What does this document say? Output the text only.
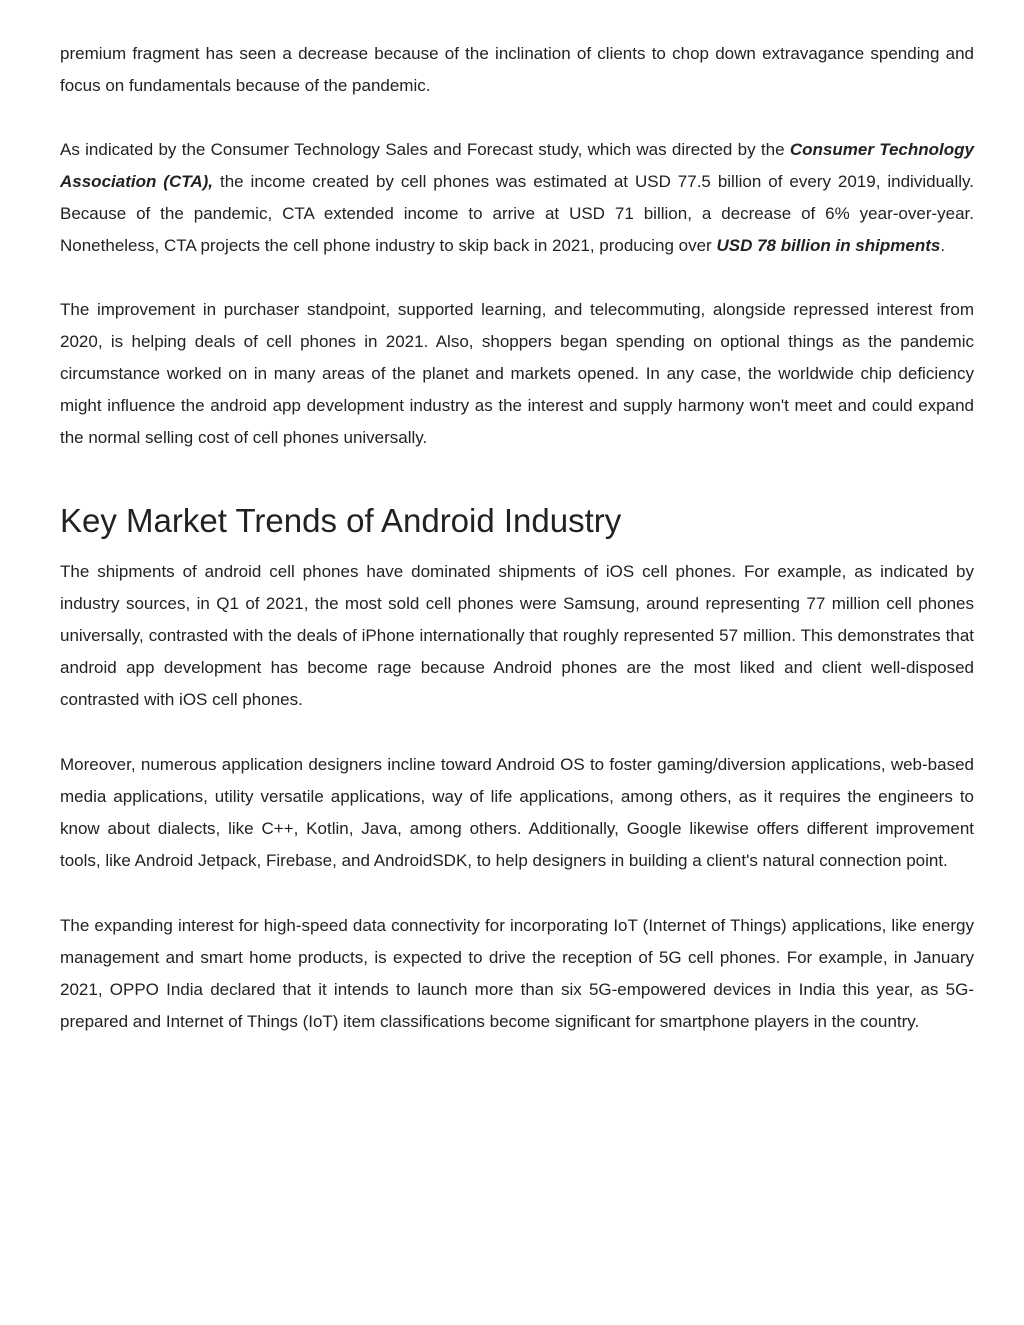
premium fragment has seen a decrease because of the inclination of clients to chop down extravagance spending and focus on fundamentals because of the pandemic.

As indicated by the Consumer Technology Sales and Forecast study, which was directed by the Consumer Technology Association (CTA), the income created by cell phones was estimated at USD 77.5 billion of every 2019, individually. Because of the pandemic, CTA extended income to arrive at USD 71 billion, a decrease of 6% year-over-year. Nonetheless, CTA projects the cell phone industry to skip back in 2021, producing over USD 78 billion in shipments.

The improvement in purchaser standpoint, supported learning, and telecommuting, alongside repressed interest from 2020, is helping deals of cell phones in 2021. Also, shoppers began spending on optional things as the pandemic circumstance worked on in many areas of the planet and markets opened. In any case, the worldwide chip deficiency might influence the android app development industry as the interest and supply harmony won't meet and could expand the normal selling cost of cell phones universally.

Key Market Trends of Android Industry

The shipments of android cell phones have dominated shipments of iOS cell phones. For example, as indicated by industry sources, in Q1 of 2021, the most sold cell phones were Samsung, around representing 77 million cell phones universally, contrasted with the deals of iPhone internationally that roughly represented 57 million. This demonstrates that android app development has become rage because Android phones are the most liked and client well-disposed contrasted with iOS cell phones.

Moreover, numerous application designers incline toward Android OS to foster gaming/diversion applications, web-based media applications, utility versatile applications, way of life applications, among others, as it requires the engineers to know about dialects, like C++, Kotlin, Java, among others. Additionally, Google likewise offers different improvement tools, like Android Jetpack, Firebase, and AndroidSDK, to help designers in building a client's natural connection point.

The expanding interest for high-speed data connectivity for incorporating IoT (Internet of Things) applications, like energy management and smart home products, is expected to drive the reception of 5G cell phones. For example, in January 2021, OPPO India declared that it intends to launch more than six 5G-empowered devices in India this year, as 5G-prepared and Internet of Things (IoT) item classifications become significant for smartphone players in the country.
